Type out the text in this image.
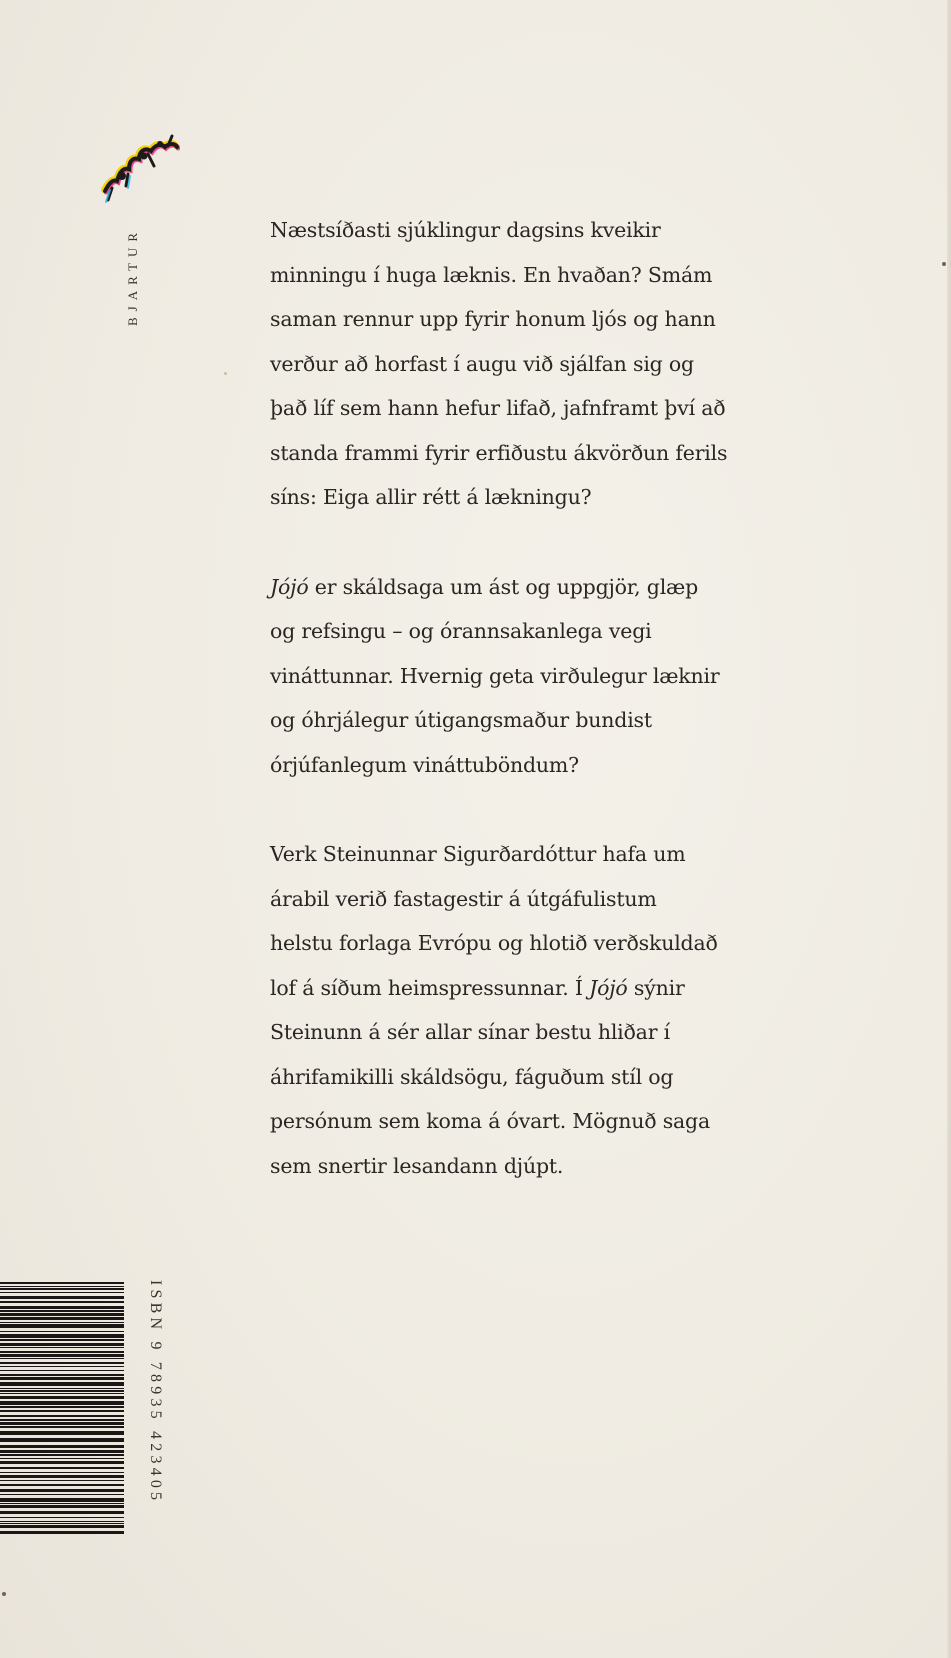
BJARTUR	Næstsíðasti sjúklingur dagsins kveikir
minningu í huga læknis. En hvaðan? Smám
saman rennur upp fyrir honum ljós og hann
verður að horfast í augu við sjálfan sig og
það líf sem hann hefur lifað, jafnframt því að
standa frammi fyrir erfiðustu ákvörðun ferils
síns: Eiga allir rétt á lækningu?

Jójó er skáldsaga um ást og uppgjör, glæp
og refsingu – og órannsakanlega vegi
vináttunnar. Hvernig geta virðulegur læknir
og óhrjálegur útigangsmaður bundist
órjúfanlegum vináttuböndum?

Verk Steinunnar Sigurðardóttur hafa um
árabil verið fastagestir á útgáfulistum
helstu forlaga Evrópu og hlotið verðskuldað
lof á síðum heimspressunnar. Í Jójó sýnir
Steinunn á sér allar sínar bestu hliðar í
áhrifamikilli skáldsögu, fáguðum stíl og
persónum sem koma á óvart. Mögnuð saga
sem snertir lesandann djúpt.

ISBN 9 78935 423405
